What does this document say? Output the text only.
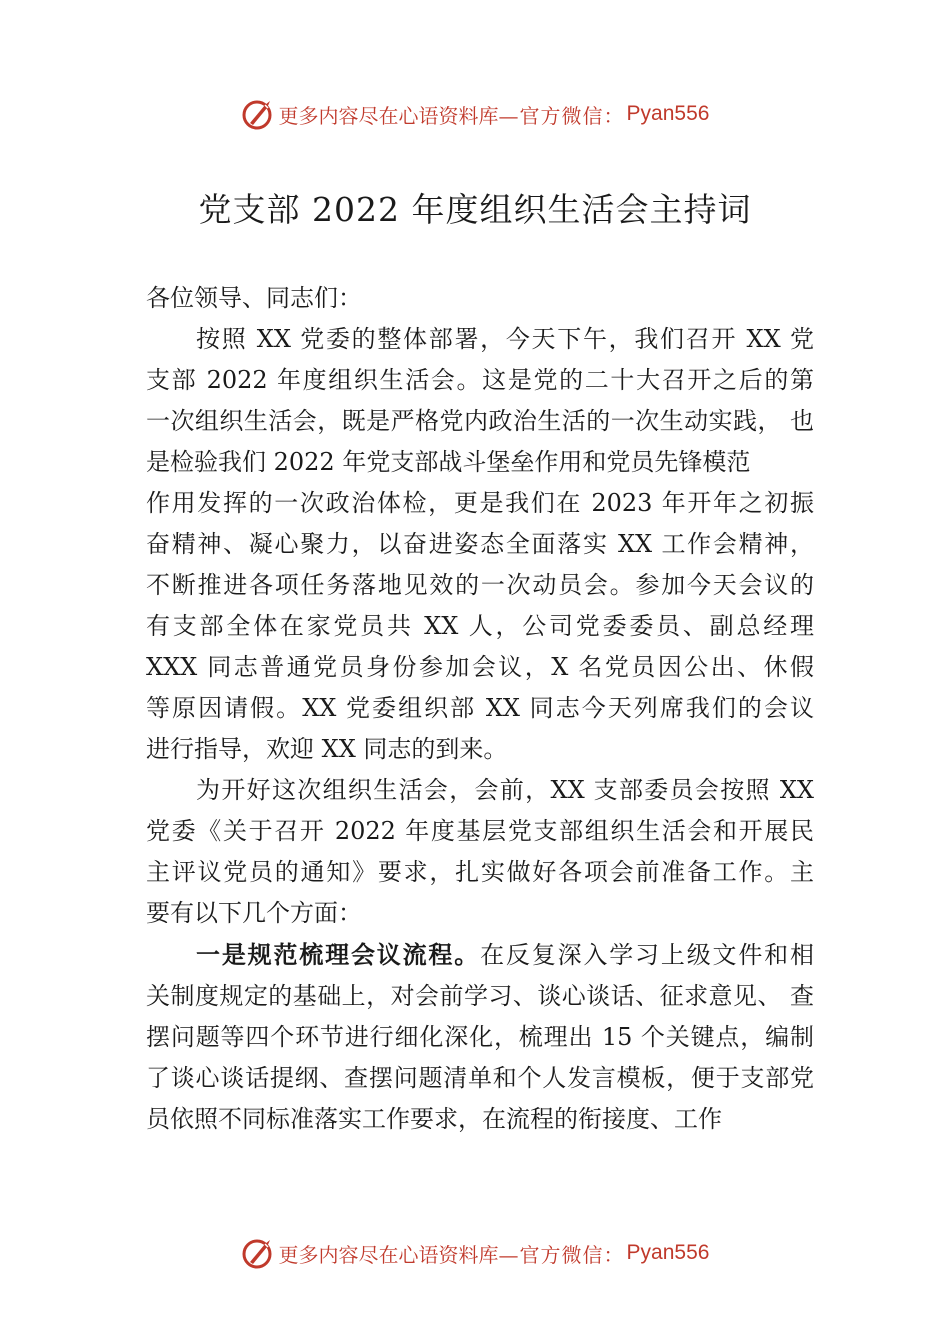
更多内容尽在心语资料库 —官方微信： Pyan556
党支部 2022 年度组织生活会主持词

各位领导、同志们：

按照 XX 党委的整体部署，今天下午，我们召开 XX 党
支部 2022 年度组织生活会。这是党的二十大召开之后的第
一次组织生活会，既是严格党内政治生活的一次生动实践， 也
是检验我们 2022 年党支部战斗堡垒作用和党员先锋模范
作用发挥的一次政治体检，更是我们在 2023 年开年之初振
奋精神、凝心聚力，以奋进姿态全面落实 XX 工作会精神，
不断推进各项任务落地见效的一次动员会。参加今天会议的
有支部全体在家党员共 XX 人，公司党委委员、副总经理
XXX 同志普通党员身份参加会议，X 名党员因公出、休假
等原因请假。XX 党委组织部 XX 同志今天列席我们的会议
进行指导，欢迎 XX 同志的到来。
为开好这次组织生活会，会前，XX 支部委员会按照 XX
党委《关于召开 2022 年度基层党支部组织生活会和开展民
主评议党员的通知》要求，扎实做好各项会前准备工作。主
要有以下几个方面：
一是规范梳理会议流程。在反复深入学习上级文件和相
关制度规定的基础上，对会前学习、谈心谈话、征求意见、 查
摆问题等四个环节进行细化深化，梳理出 15 个关键点，编制
了谈心谈话提纲、查摆问题清单和个人发言模板，便于支部党
员依照不同标准落实工作要求，在流程的衔接度、工作
更多内容尽在心语资料库 —官方微信： Pyan556
